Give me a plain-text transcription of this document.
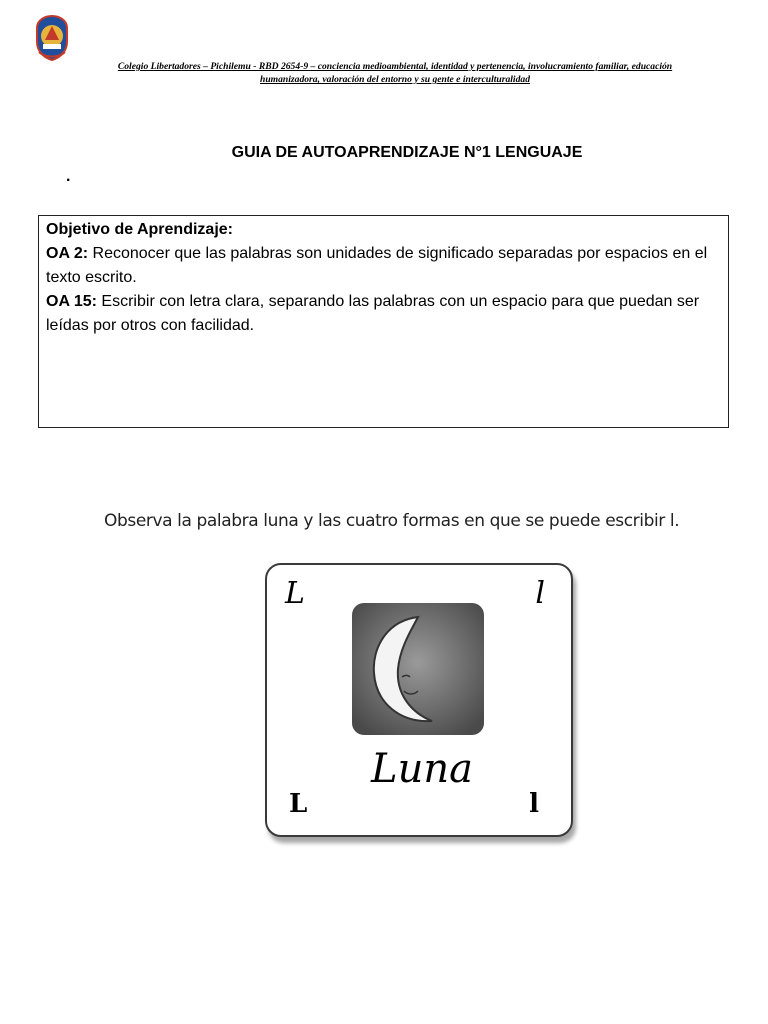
Colegio Libertadores – Pichilemu - RBD 2654-9 – conciencia medioambiental, identidad y pertenencia, involucramiento familiar, educación
humanizadora, valoración del entorno y su gente e interculturalidad
GUIA DE AUTOAPRENDIZAJE N°1 LENGUAJE
.

Objetivo de Aprendizaje:

OA 2: Reconocer que las palabras son unidades de significado separadas por espacios en el texto escrito.

OA 15: Escribir con letra clara, separando las palabras con un espacio para que puedan ser leídas por otros con facilidad.

Observa la palabra luna y las cuatro formas en que se puede escribir l.
L	l
Luna
L	l
